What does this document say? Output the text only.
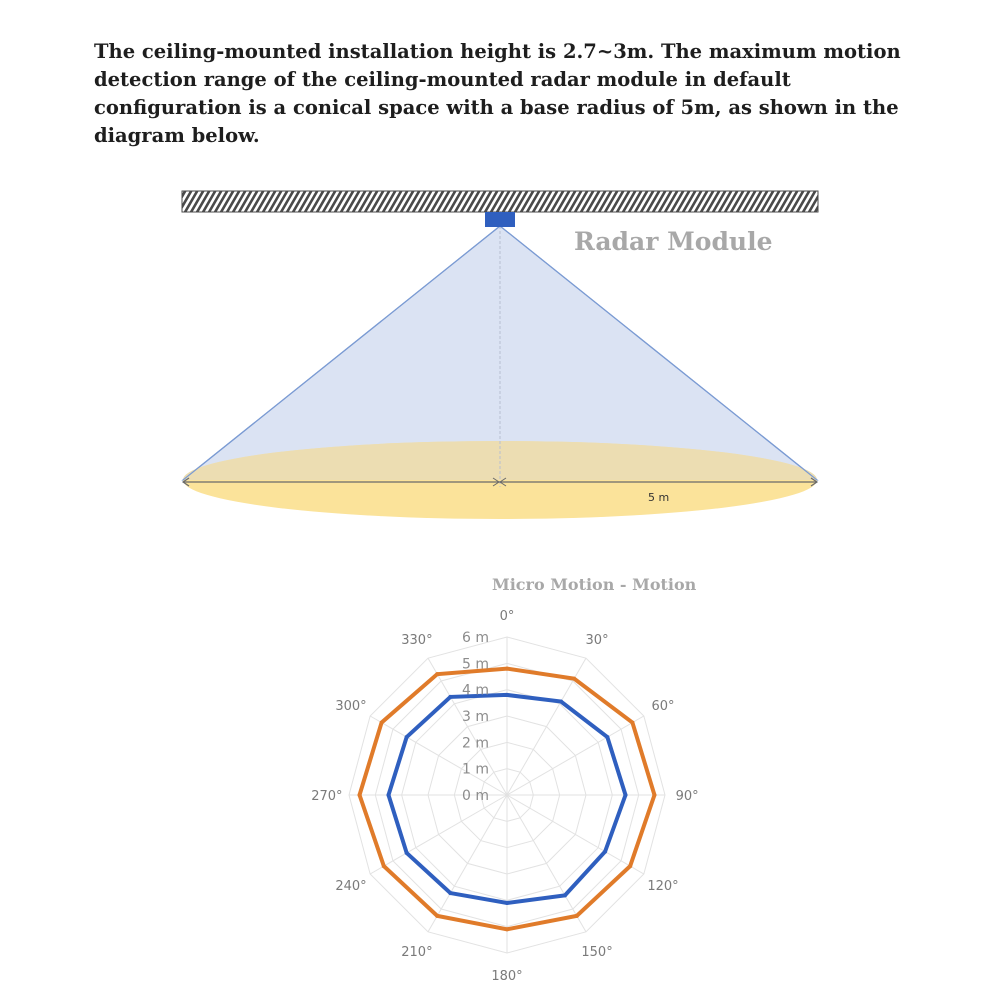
The ceiling-mounted installation height is 2.7~3m. The maximum motion detection range of the ceiling-mounted radar module in default configuration is a conical space with a base radius of 5m, as shown in the diagram below.

Radar Module
5 m
Micro Motion - Motion
0 m
1 m
2 m
3 m
4 m
5 m
6 m
0°
30°
60°
90°
120°
150°
180°
210°
240°
270°
300°
330°
